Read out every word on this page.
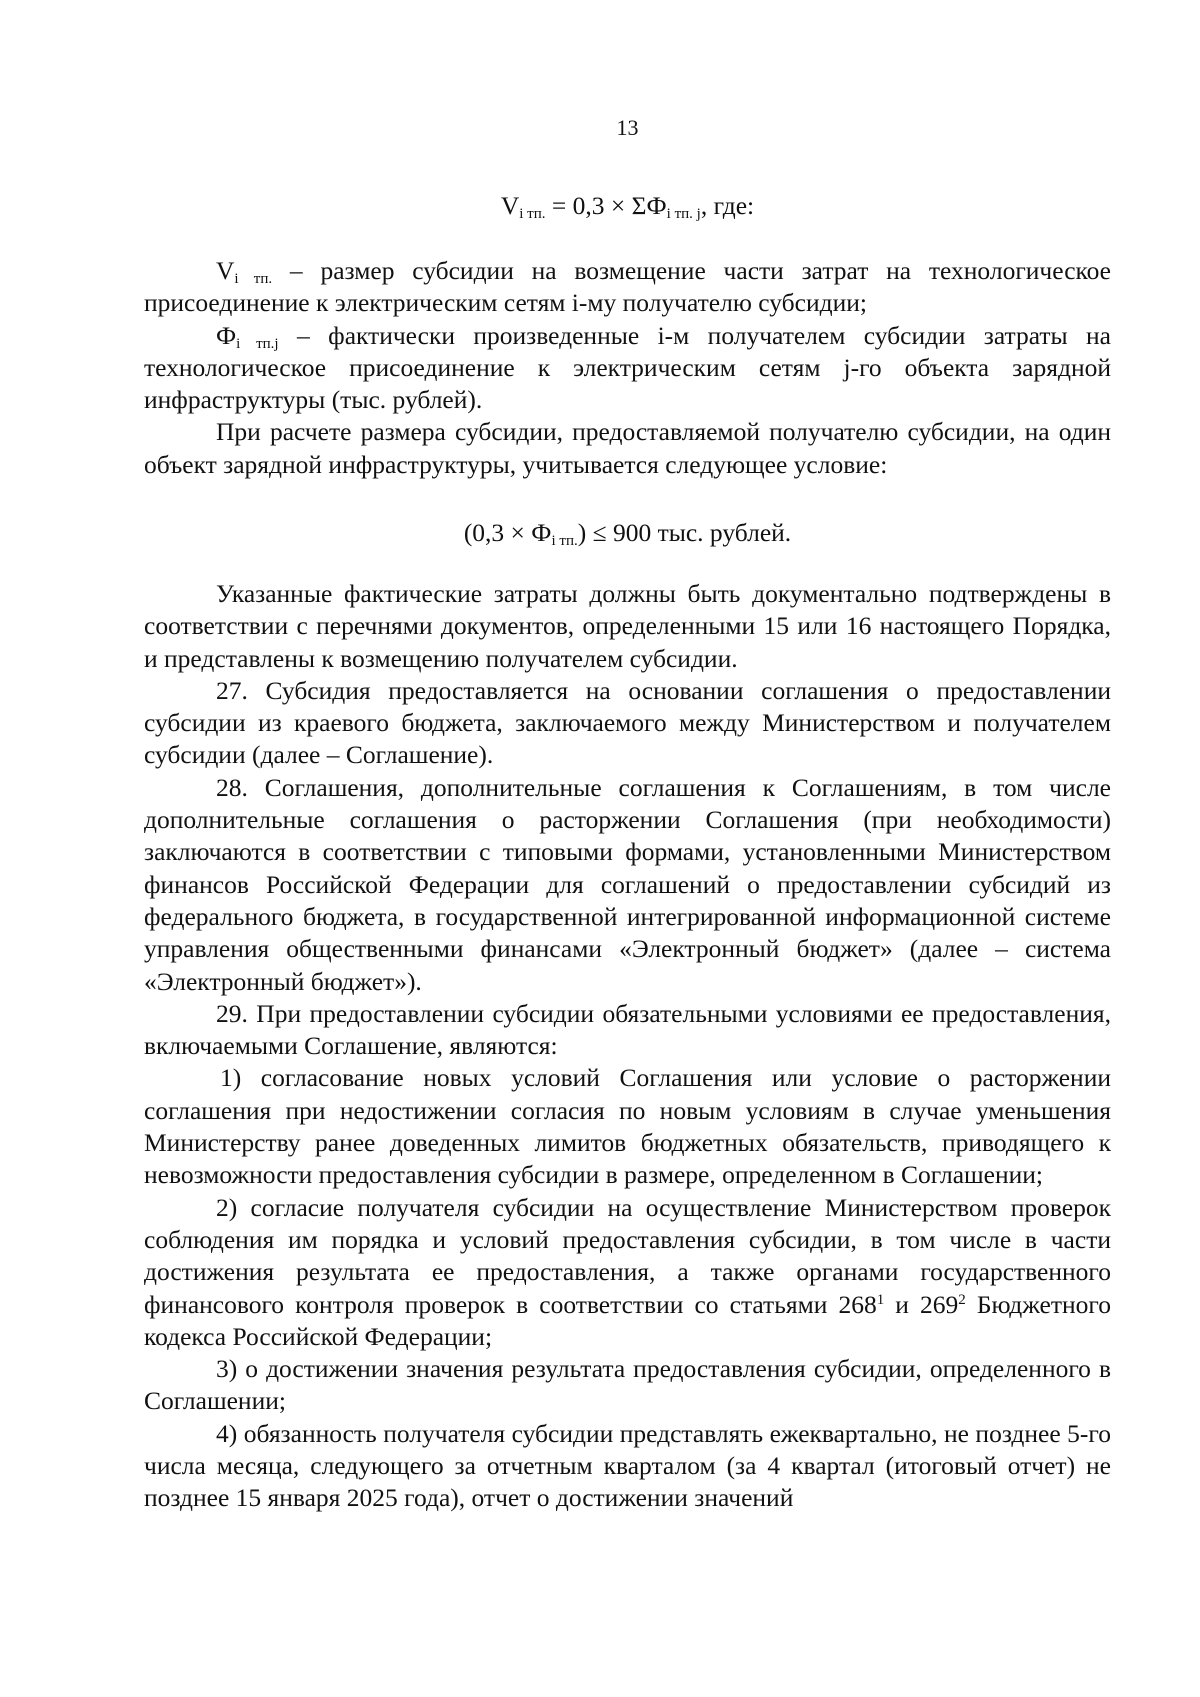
13
$V_{i тп.} = 0,3 \times \Sigma Ф_{i тп. j}$, где:

$V_{i тп.}$ – размер субсидии на возмещение части затрат на технологическое присоединение к электрическим сетям i-му получателю субсидии;

$Ф_{i тп.j}$ – фактически произведенные i-м получателем субсидии затраты на технологическое присоединение к электрическим сетям j-го объекта зарядной инфраструктуры (тыс. рублей).

При расчете размера субсидии, предоставляемой получателю субсидии, на один объект зарядной инфраструктуры, учитывается следующее условие:

$(0,3 \times Ф_{i тп.}) \le 900$ тыс. рублей.

Указанные фактические затраты должны быть документально подтверждены в соответствии с перечнями документов, определенными 15 или 16 настоящего Порядка, и представлены к возмещению получателем субсидии.

27. Субсидия предоставляется на основании соглашения о предоставлении субсидии из краевого бюджета, заключаемого между Министерством и получателем субсидии (далее – Соглашение).

28. Соглашения, дополнительные соглашения к Соглашениям, в том числе дополнительные соглашения о расторжении Соглашения (при необходимости) заключаются в соответствии с типовыми формами, установленными Министерством финансов Российской Федерации для соглашений о предоставлении субсидий из федерального бюджета, в государственной интегрированной информационной системе управления общественными финансами «Электронный бюджет» (далее – система «Электронный бюджет»).

29. При предоставлении субсидии обязательными условиями ее предоставления, включаемыми Соглашение, являются:

1) согласование новых условий Соглашения или условие о расторжении соглашения при недостижении согласия по новым условиям в случае уменьшения Министерству ранее доведенных лимитов бюджетных обязательств, приводящего к невозможности предоставления субсидии в размере, определенном в Соглашении;

2) согласие получателя субсидии на осуществление Министерством проверок соблюдения им порядка и условий предоставления субсидии, в том числе в части достижения результата ее предоставления, а также органами государственного финансового контроля проверок в соответствии со статьями $268^1$ и $269^2$ Бюджетного кодекса Российской Федерации;

3) о достижении значения результата предоставления субсидии, определенного в Соглашении;

4) обязанность получателя субсидии представлять ежеквартально, не позднее 5-го числа месяца, следующего за отчетным кварталом (за 4 квартал (итоговый отчет) не позднее 15 января 2025 года), отчет о достижении значений
